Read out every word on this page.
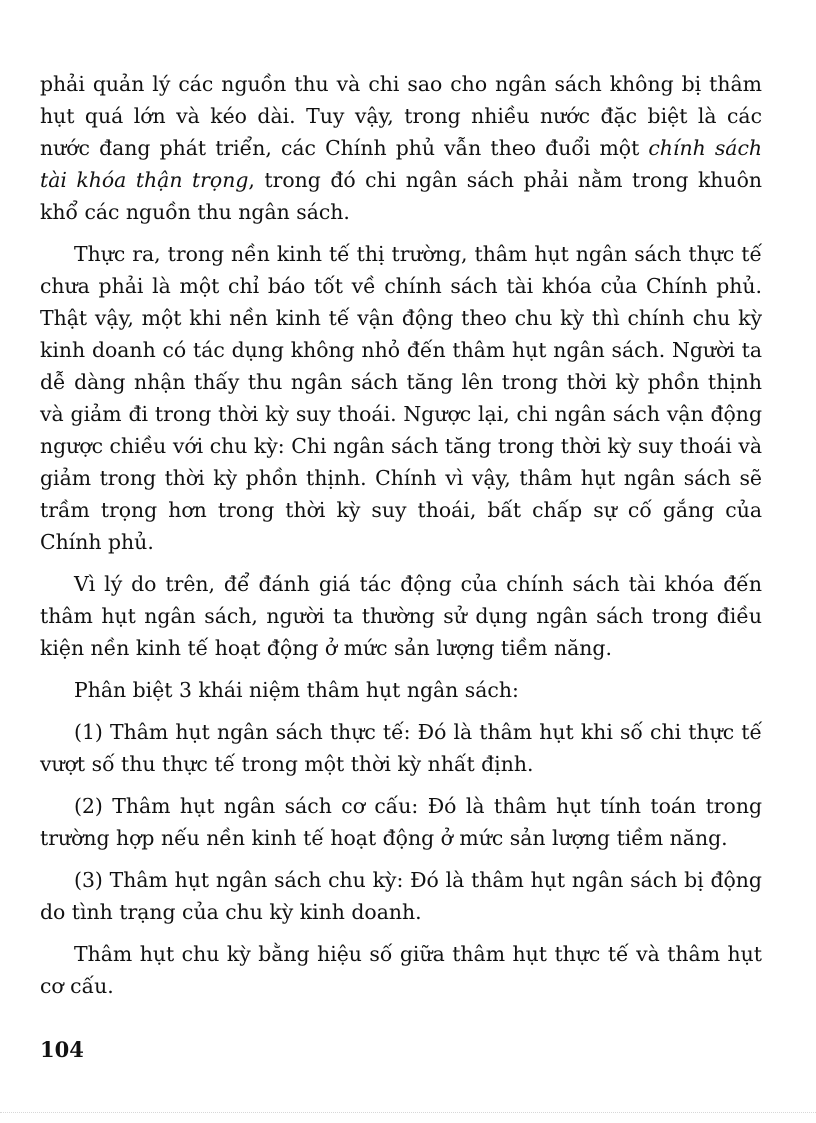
phải quản lý các nguồn thu và chi sao cho ngân sách không bị thâm hụt quá lớn và kéo dài. Tuy vậy, trong nhiều nước đặc biệt là các nước đang phát triển, các Chính phủ vẫn theo đuổi một chính sách tài khóa thận trọng, trong đó chi ngân sách phải nằm trong khuôn khổ các nguồn thu ngân sách.

Thực ra, trong nền kinh tế thị trường, thâm hụt ngân sách thực tế chưa phải là một chỉ báo tốt về chính sách tài khóa của Chính phủ. Thật vậy, một khi nền kinh tế vận động theo chu kỳ thì chính chu kỳ kinh doanh có tác dụng không nhỏ đến thâm hụt ngân sách. Người ta dễ dàng nhận thấy thu ngân sách tăng lên trong thời kỳ phồn thịnh và giảm đi trong thời kỳ suy thoái. Ngược lại, chi ngân sách vận động ngược chiều với chu kỳ: Chi ngân sách tăng trong thời kỳ suy thoái và giảm trong thời kỳ phồn thịnh. Chính vì vậy, thâm hụt ngân sách sẽ trầm trọng hơn trong thời kỳ suy thoái, bất chấp sự cố gắng của Chính phủ.

Vì lý do trên, để đánh giá tác động của chính sách tài khóa đến thâm hụt ngân sách, người ta thường sử dụng ngân sách trong điều kiện nền kinh tế hoạt động ở mức sản lượng tiềm năng.

Phân biệt 3 khái niệm thâm hụt ngân sách:

(1) Thâm hụt ngân sách thực tế: Đó là thâm hụt khi số chi thực tế vượt số thu thực tế trong một thời kỳ nhất định.

(2) Thâm hụt ngân sách cơ cấu: Đó là thâm hụt tính toán trong trường hợp nếu nền kinh tế hoạt động ở mức sản lượng tiềm năng.

(3) Thâm hụt ngân sách chu kỳ: Đó là thâm hụt ngân sách bị động do tình trạng của chu kỳ kinh doanh.

Thâm hụt chu kỳ bằng hiệu số giữa thâm hụt thực tế và thâm hụt cơ cấu.

104
